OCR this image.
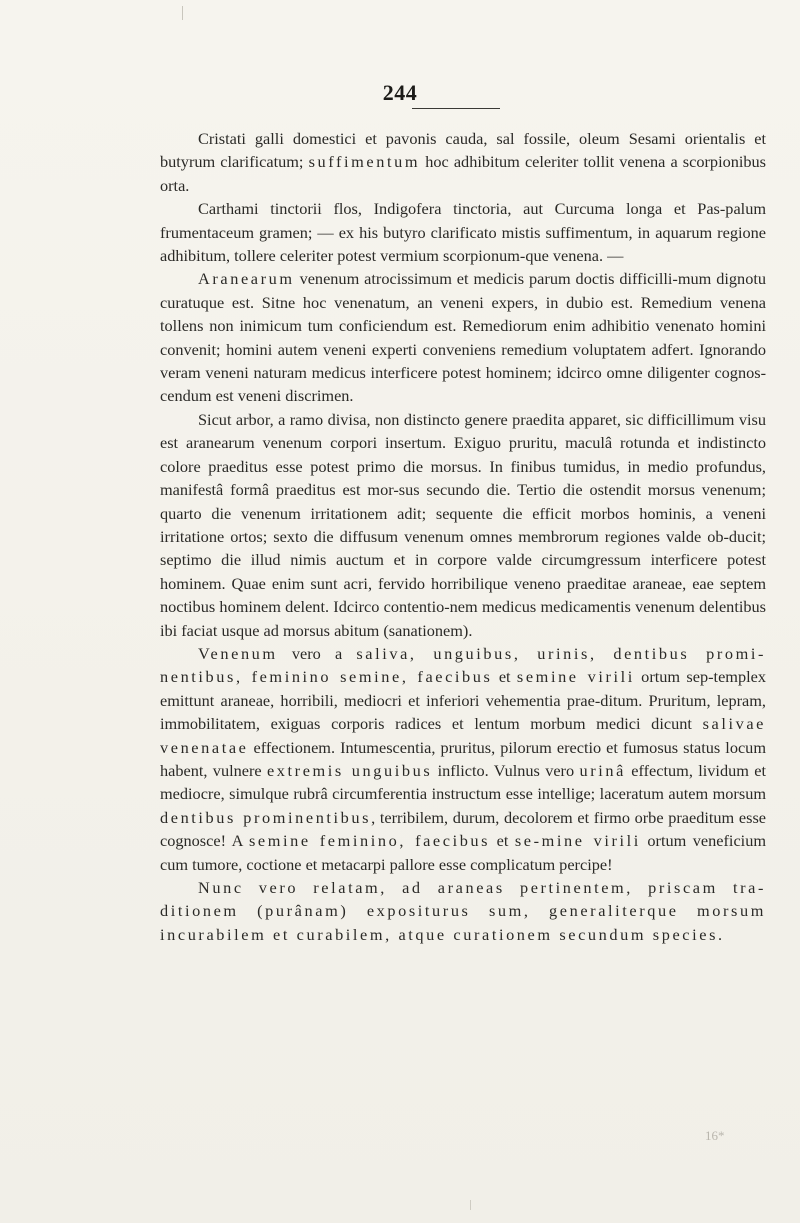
244

Cristati galli domestici et pavonis cauda, sal fossile, oleum Sesami orientalis et butyrum clarificatum; suffimentum hoc adhibitum celeriter tollit venena a scorpionibus orta.

Carthami tinctorii flos, Indigofera tinctoria, aut Curcuma longa et Pas-palum frumentaceum gramen; — ex his butyro clarificato mistis suffimentum, in aquarum regione adhibitum, tollere celeriter potest vermium scorpionum-que venena. —

Aranearum venenum atrocissimum et medicis parum doctis difficilli-mum dignotu curatuque est. Sitne hoc venenatum, an veneni expers, in dubio est. Remedium venena tollens non inimicum tum conficiendum est. Remediorum enim adhibitio venenato homini convenit; homini autem veneni experti conveniens remedium voluptatem adfert. Ignorando veram veneni naturam medicus interficere potest hominem; idcirco omne diligenter cognos-cendum est veneni discrimen.

Sicut arbor, a ramo divisa, non distincto genere praedita apparet, sic difficillimum visu est aranearum venenum corpori insertum. Exiguo pruritu, maculâ rotunda et indistincto colore praeditus esse potest primo die morsus. In finibus tumidus, in medio profundus, manifestâ formâ praeditus est mor-sus secundo die. Tertio die ostendit morsus venenum; quarto die venenum irritationem adit; sequente die efficit morbos hominis, a veneni irritatione ortos; sexto die diffusum venenum omnes membrorum regiones valde ob-ducit; septimo die illud nimis auctum et in corpore valde circumgressum interficere potest hominem. Quae enim sunt acri, fervido horribilique veneno praeditae araneae, eae septem noctibus hominem delent. Idcirco contentio-nem medicus medicamentis venenum delentibus ibi faciat usque ad morsus abitum (sanationem).

Venenum vero a saliva, unguibus, urinis, dentibus promi-nentibus, feminino semine, faecibus et semine virili ortum sep-templex emittunt araneae, horribili, mediocri et inferiori vehementia prae-ditum. Pruritum, lepram, immobilitatem, exiguas corporis radices et lentum morbum medici dicunt salivae venenatae effectionem. Intumescentia, pruritus, pilorum erectio et fumosus status locum habent, vulnere extremis unguibus inflicto. Vulnus vero urinâ effectum, lividum et mediocre, simulque rubrâ circumferentia instructum esse intellige; laceratum autem morsum dentibus prominentibus, terribilem, durum, decolorem et firmo orbe praeditum esse cognosce! A semine feminino, faecibus et se-mine virili ortum veneficium cum tumore, coctione et metacarpi pallore esse complicatum percipe!

Nunc vero relatam, ad araneas pertinentem, priscam tra-ditionem (purânam) expositurus sum, generaliterque morsum incurabilem et curabilem, atque curationem secundum species.

16*
